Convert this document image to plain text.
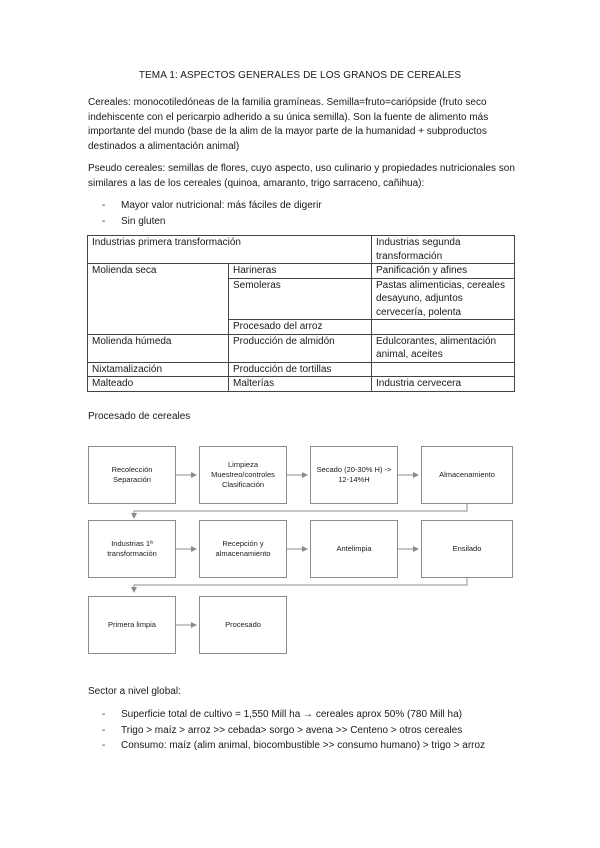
TEMA 1: ASPECTOS GENERALES DE LOS GRANOS DE CEREALES
Cereales: monocotiledóneas de la familia gramíneas. Semilla=fruto=cariópside (fruto seco indehiscente con el pericarpio adherido a su única semilla). Son la fuente de alimento más importante del mundo (base de la alim de la mayor parte de la humanidad + subproductos destinados a alimentación animal)
Pseudo cereales: semillas de flores, cuyo aspecto, uso culinario y propiedades nutricionales son similares a las de los cereales (quinoa, amaranto, trigo sarraceno, cañihua):
- Mayor valor nutricional: más fáciles de digerir
- Sin gluten
Industrias primera transformación		Industrias segunda transformación
Molienda seca	Harineras	Panificación y afines
	Semoleras	Pastas alimenticias, cereales desayuno, adjuntos cervecería, polenta
	Procesado del arroz	
Molienda húmeda	Producción de almidón	Edulcorantes, alimentación animal, aceites
Nixtamalización	Producción de tortillas	
Malteado	Malterías	Industria cervecera
Procesado de cereales
Recolección
Separación
Limpieza
Muestreo/controles
Clasificación
Secado (20-30% H) ->
12-14%H
Almacenamiento
Industrias 1ª
transformación
Recepción y
almacenamiento
Antelimpia	Ensilado
Primera limpia	Procesado
Sector a nivel global:
- Superficie total de cultivo = 1,550 Mill ha → cereales aprox 50% (780 Mill ha)
- Trigo > maíz > arroz >> cebada> sorgo > avena >> Centeno > otros cereales
- Consumo: maíz (alim animal, biocombustible >> consumo humano) > trigo > arroz
